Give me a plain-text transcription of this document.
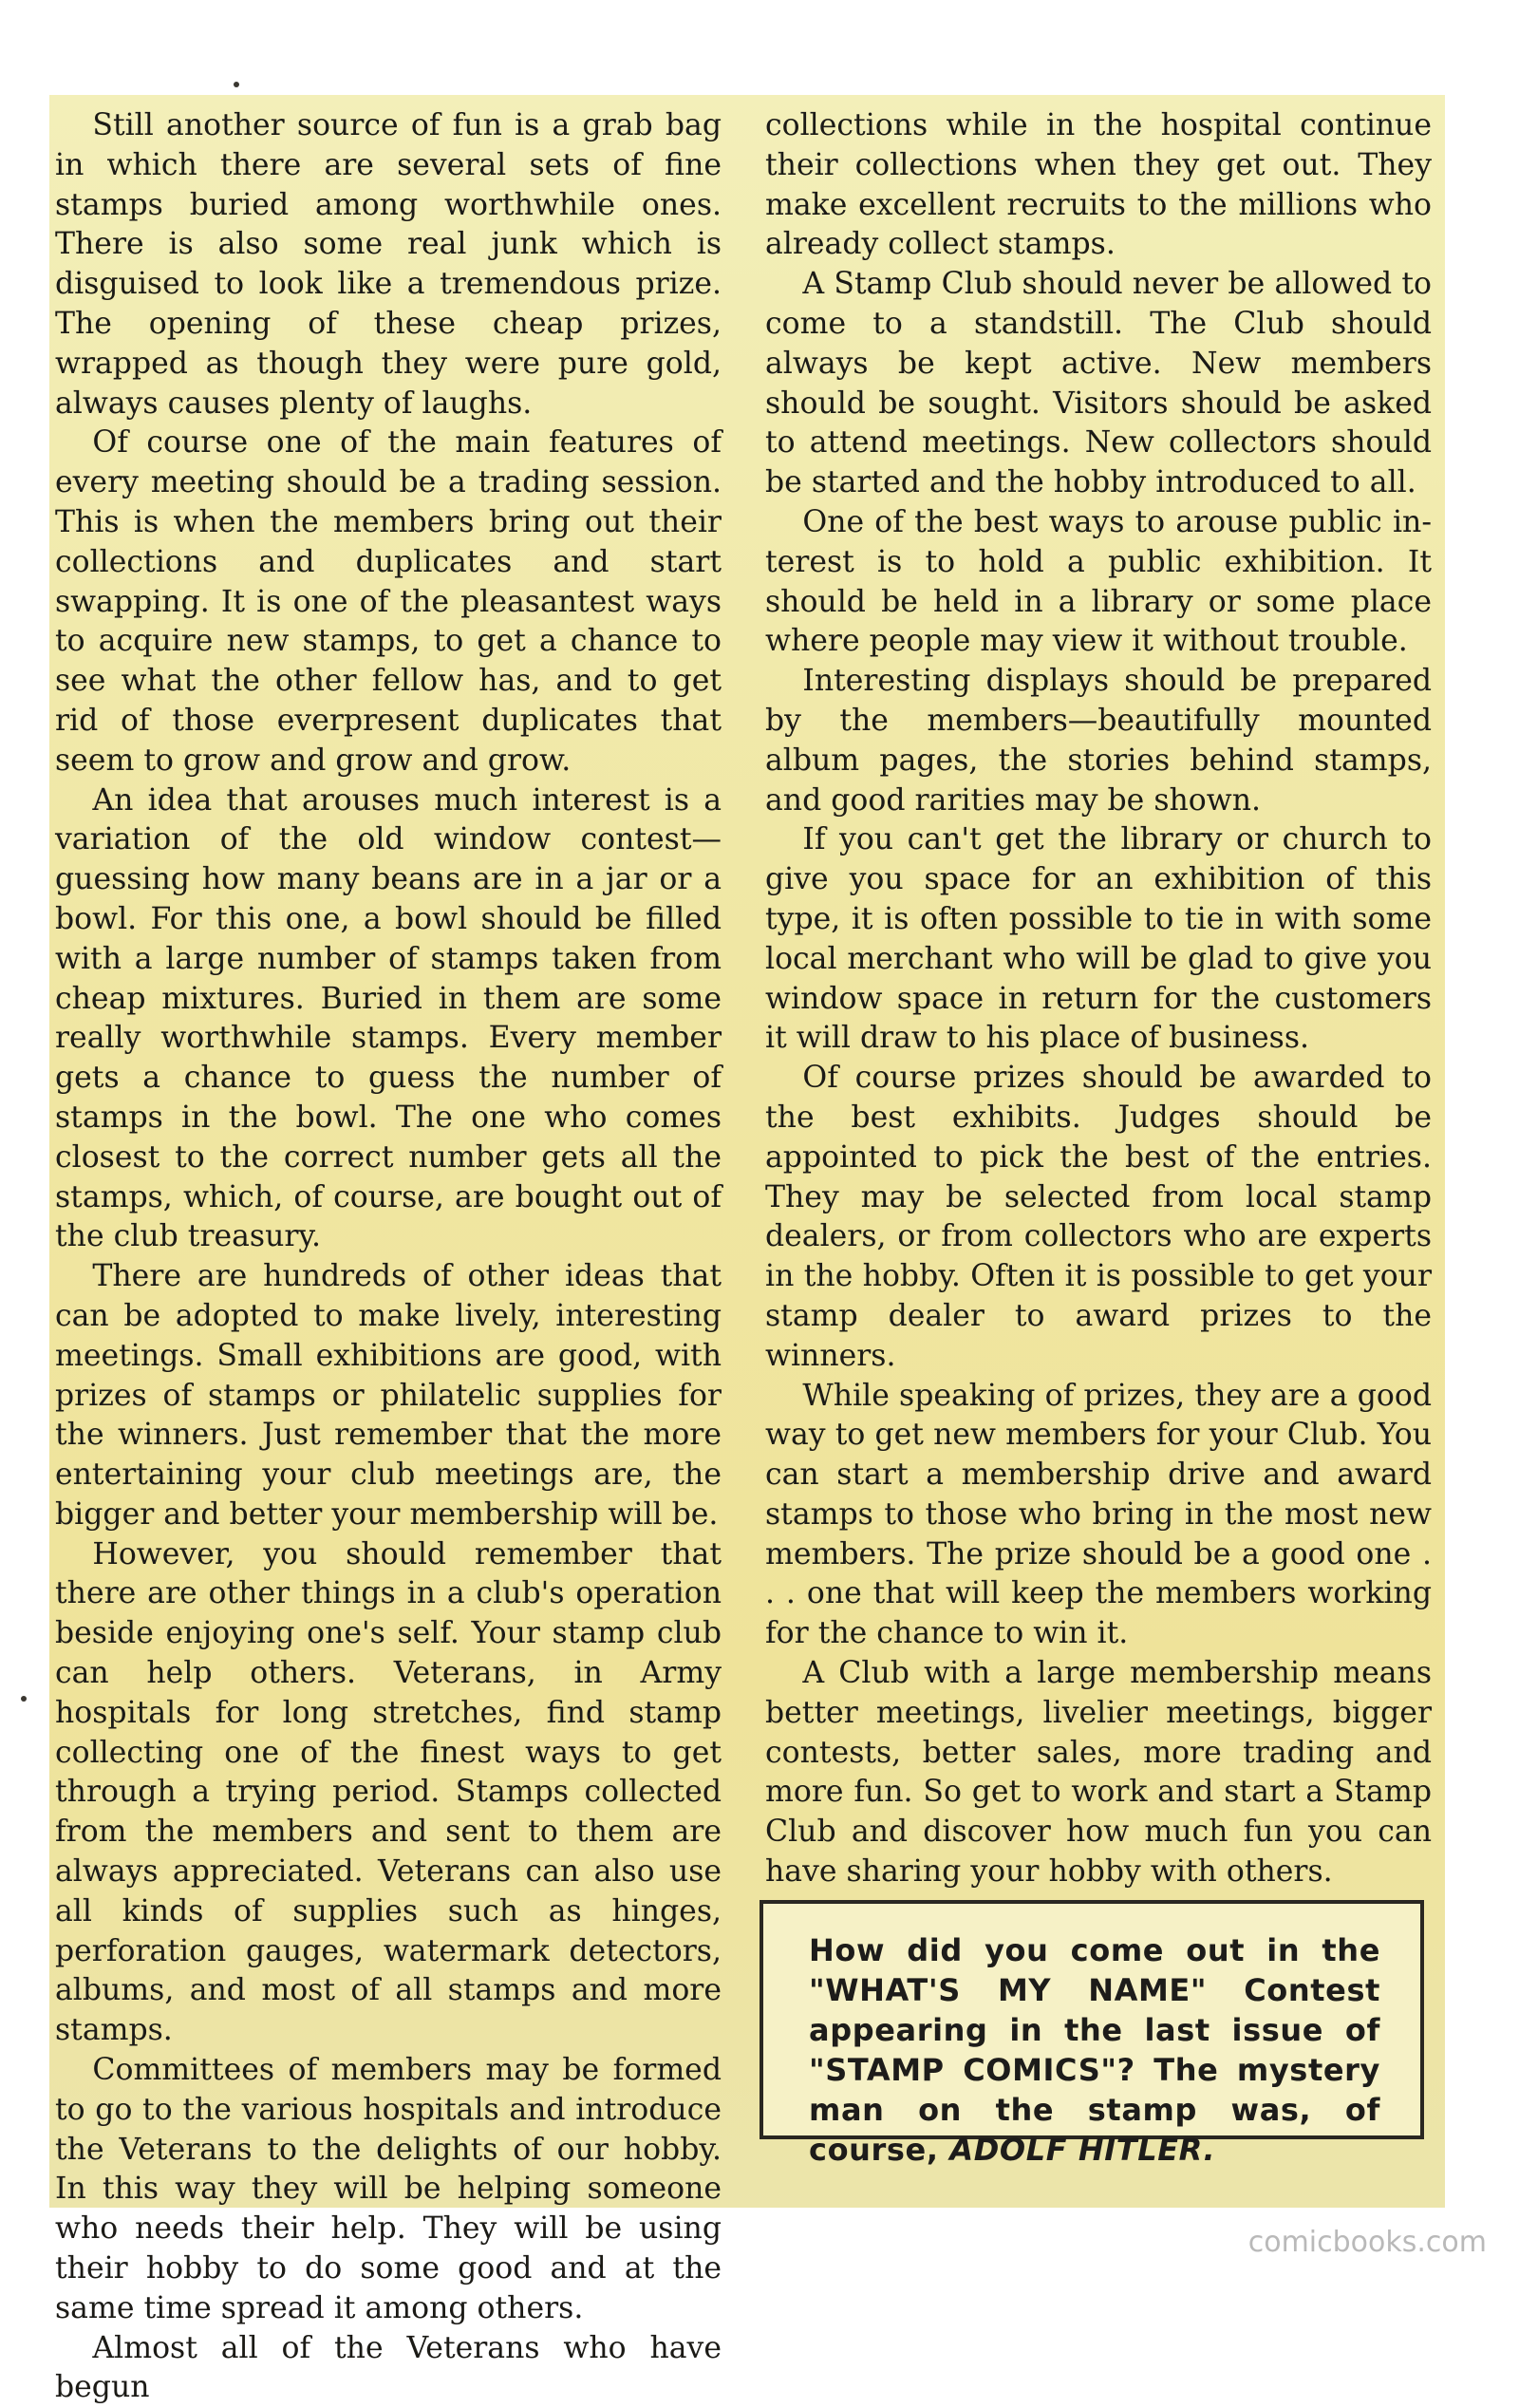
Still another source of fun is a grab bag in which there are several sets of fine stamps buried among worthwhile ones. There is also some real junk which is disguised to look like a tremendous prize. The opening of these cheap prizes, wrapped as though they were pure gold, always causes plenty of laughs.

Of course one of the main features of every meeting should be a trading session. This is when the members bring out their collections and duplicates and start swapping. It is one of the pleasantest ways to acquire new stamps, to get a chance to see what the other fellow has, and to get rid of those everpresent duplicates that seem to grow and grow and grow.

An idea that arouses much interest is a variation of the old window contest—guessing how many beans are in a jar or a bowl. For this one, a bowl should be filled with a large number of stamps taken from cheap mixtures. Buried in them are some really worthwhile stamps. Every member gets a chance to guess the number of stamps in the bowl. The one who comes closest to the correct number gets all the stamps, which, of course, are bought out of the club treasury.

There are hundreds of other ideas that can be adopted to make lively, interesting meetings. Small exhibitions are good, with prizes of stamps or philatelic supplies for the winners. Just remember that the more entertaining your club meetings are, the bigger and better your membership will be.

However, you should remember that there are other things in a club's operation beside enjoying one's self. Your stamp club can help others. Veterans, in Army hospitals for long stretches, find stamp collecting one of the finest ways to get through a trying period. Stamps collected from the members and sent to them are always appreciated. Veterans can also use all kinds of supplies such as hinges, perforation gauges, watermark detectors, albums, and most of all stamps and more stamps.

Committees of members may be formed to go to the various hospitals and introduce the Veterans to the delights of our hobby. In this way they will be helping someone who needs their help. They will be using their hobby to do some good and at the same time spread it among others.

Almost all of the Veterans who have begun

collections while in the hospital continue their collections when they get out. They make excellent recruits to the millions who already collect stamps.

A Stamp Club should never be allowed to come to a standstill. The Club should always be kept active. New members should be sought. Visitors should be asked to attend meetings. New collectors should be started and the hobby introduced to all.

One of the best ways to arouse public interest is to hold a public exhibition. It should be held in a library or some place where people may view it without trouble.

Interesting displays should be prepared by the members—beautifully mounted album pages, the stories behind stamps, and good rarities may be shown.

If you can't get the library or church to give you space for an exhibition of this type, it is often possible to tie in with some local merchant who will be glad to give you window space in return for the customers it will draw to his place of business.

Of course prizes should be awarded to the best exhibits. Judges should be appointed to pick the best of the entries. They may be selected from local stamp dealers, or from collectors who are experts in the hobby. Often it is possible to get your stamp dealer to award prizes to the winners.

While speaking of prizes, they are a good way to get new members for your Club. You can start a membership drive and award stamps to those who bring in the most new members. The prize should be a good one . . . one that will keep the members working for the chance to win it.

A Club with a large membership means better meetings, livelier meetings, bigger contests, better sales, more trading and more fun. So get to work and start a Stamp Club and discover how much fun you can have sharing your hobby with others.

How did you come out in the "WHAT'S MY NAME" Contest appearing in the last issue of "STAMP COMICS"? The mystery man on the stamp was, of course, ADOLF HITLER.
comicbooks.com
